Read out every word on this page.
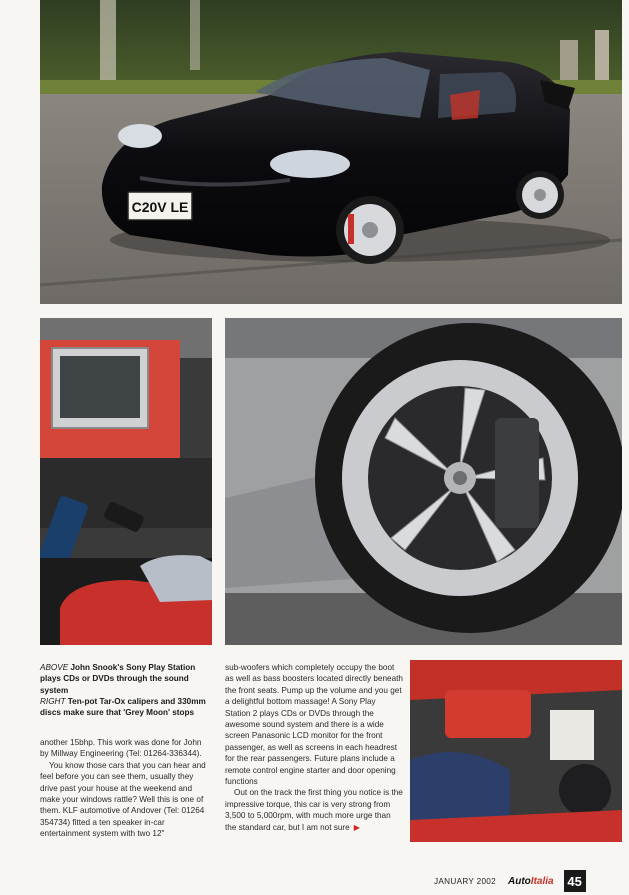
C20V LE
ABOVE John Snook's Sony Play Station plays CDs or DVDs through the sound system
RIGHT Ten-pot Tar-Ox calipers and 330mm discs make sure that 'Grey Moon' stops

another 15bhp. This work was done for John by Millway Engineering (Tel: 01264-336344).

You know those cars that you can hear and feel before you can see them, usually they drive past your house at the weekend and make your windows rattle? Well this is one of them. KLF automotive of Andover (Tel: 01264 354734) fitted a ten speaker in-car entertainment system with two 12"

sub-woofers which completely occupy the boot as well as bass boosters located directly beneath the front seats. Pump up the volume and you get a delightful bottom massage! A Sony Play Station 2 plays CDs or DVDs through the awesome sound system and there is a wide screen Panasonic LCD monitor for the front passenger, as well as screens in each headrest for the rear passengers. Future plans include a remote control engine starter and door opening functions

Out on the track the first thing you notice is the impressive torque, this car is very strong from 3,500 to 5,000rpm, with much more urge than the standard car, but I am not sure ▶

JANUARY 2002 Auto Italia 45
